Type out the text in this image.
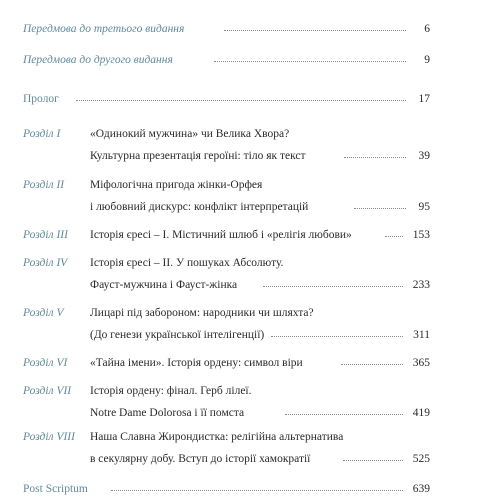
Передмова до третього видання	6
Передмова до другого видання	9
Пролог	17
Розділ I	«Одинокий мужчина» чи Велика Хвора?
Культурна презентація героїні: тіло як текст	39
Розділ II Міфологічна пригода жінки-Орфея
і любовний дискурс: конфлікт інтерпретацій	95
Розділ III Історія єресі – I. Містичний шлюб і «релігія любови»	153
Розділ IV Історія єресі – II. У пошуках Абсолюту.
Фауст-мужчина і Фауст-жінка	233
Розділ V Лицарі під забороном: народники чи шляхта?
(До генези української інтелігенції)	311
Розділ VI «Тайна імени». Історія ордену: символ віри	365
Розділ VII Історія ордену: фінал. Герб лілеї.
Notre Dame Dolorosa і її помста	419
Розділ VIII Наша Славна Жирондистка: релігійна альтернатива
в секулярну добу. Вступ до історії хамократії	525
Post Scriptum	639
